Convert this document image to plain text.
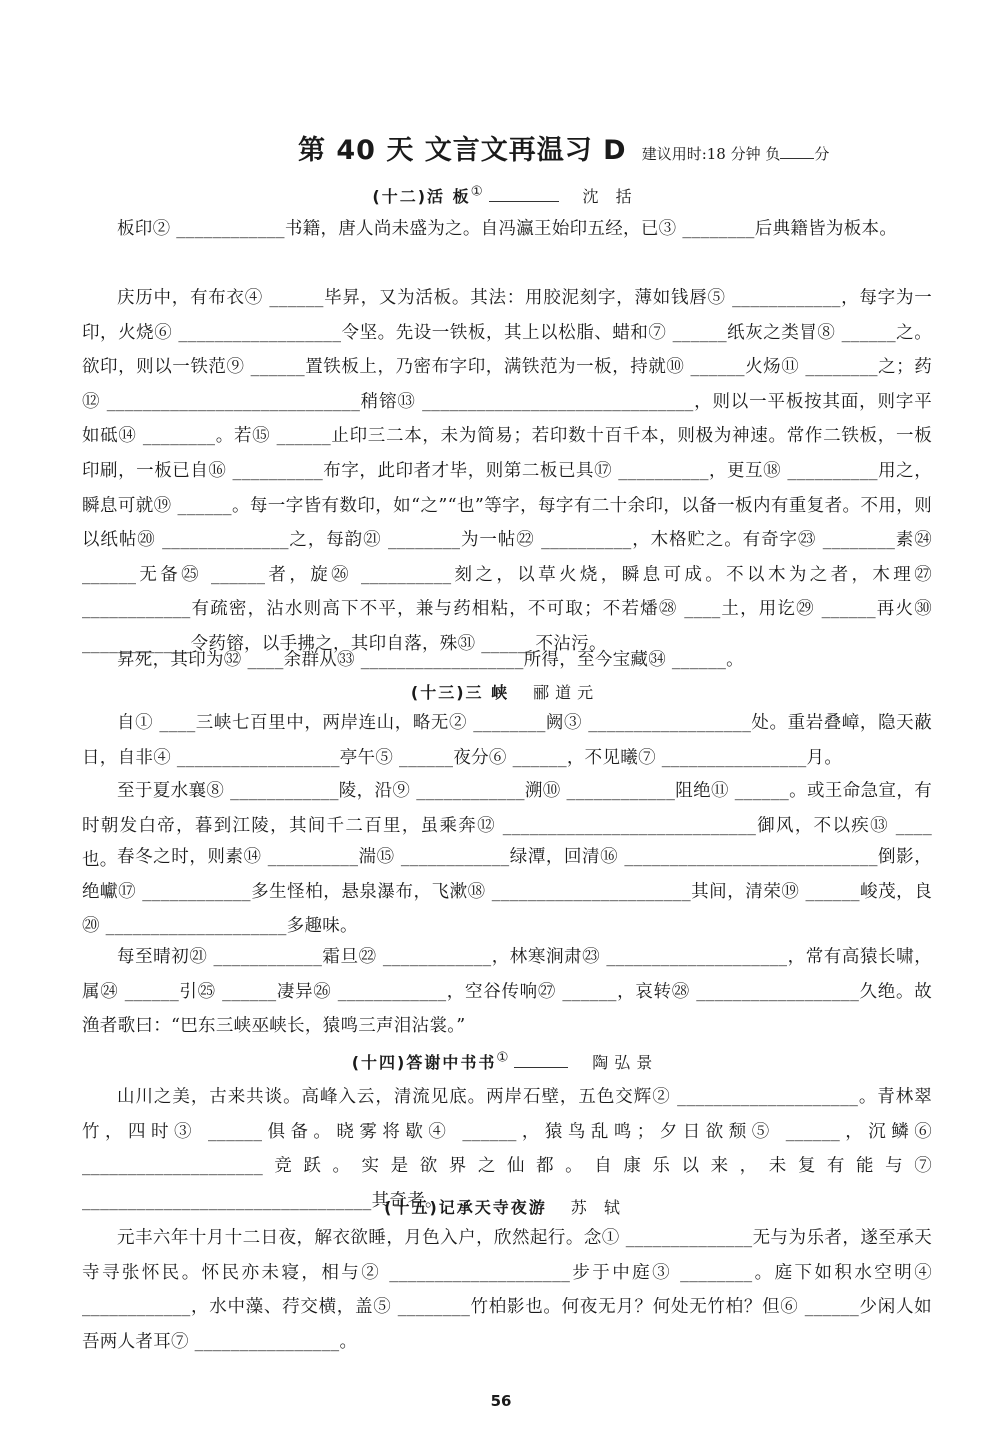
第 40 天 文言文再温习 D 建议用时:18 分钟 负 分
(十二)活 板①	沈 括
板印② ____________书籍，唐人尚未盛为之。自冯瀛王始印五经，已③ ________后典籍皆为板本。
庆历中，有布衣④ ______毕昇，又为活板。其法：用胶泥刻字，薄如钱唇⑤ ____________，每字为一印，火烧⑥ __________________令坚。先设一铁板，其上以松脂、蜡和⑦ ______纸灰之类冒⑧ ______之。欲印，则以一铁范⑨ ______置铁板上，乃密布字印，满铁范为一板，持就⑩ ______火炀⑪ ________之；药⑫ ____________________________稍镕⑬ ______________________________，则以一平板按其面，则字平如砥⑭ ________。若⑮ ______止印三二本，未为简易；若印数十百千本，则极为神速。常作二铁板，一板印刷，一板已自⑯ __________布字，此印者才毕，则第二板已具⑰ __________，更互⑱ __________用之，瞬息可就⑲ ______。每一字皆有数印，如“之”“也”等字，每字有二十余印，以备一板内有重复者。不用，则以纸帖⑳ ______________之，每韵㉑ ________为一帖㉒ __________，木格贮之。有奇字㉓ ________素㉔ ______无备㉕ ______者，旋㉖ __________刻之，以草火烧，瞬息可成。不以木为之者，木理㉗ ____________有疏密，沾水则高下不平，兼与药相粘，不可取；不若燔㉘ ____土，用讫㉙ ______再火㉚ ____________令药镕，以手拂之，其印自落，殊㉛ ______不沾污。
昇死，其印为㉜ ____余群从㉝ __________________所得，至今宝藏㉞ ______。
(十三)三 峡 郦道元
自① ____三峡七百里中，两岸连山，略无② ________阙③ __________________处。重岩叠嶂，隐天蔽日，自非④ __________________亭午⑤ ______夜分⑥ ______，不见曦⑦ ________________月。
至于夏水襄⑧ ____________陵，沿⑨ ____________溯⑩ ____________阻绝⑪ ______。或王命急宣，有时朝发白帝，暮到江陵，其间千二百里，虽乘奔⑫ ____________________________御风，不以疾⑬ ____也。 春冬之时，则素⑭ __________湍⑮ ____________绿潭，回清⑯ ____________________________倒影，绝巘⑰ ____________多生怪柏，悬泉瀑布，飞漱⑱ ______________________其间，清荣⑲ ______峻茂，良⑳ ____________________多趣味。
每至晴初㉑ ____________霜旦㉒ ____________，林寒涧肃㉓ ____________________，常有高猿长啸，属㉔ ______引㉕ ______凄异㉖ ____________，空谷传响㉗ ______，哀转㉘ __________________久绝。故渔者歌曰：“巴东三峡巫峡长，猿鸣三声泪沾裳。”
(十四)答谢中书书①	陶弘景
山川之美，古来共谈。高峰入云，清流见底。两岸石壁，五色交辉② ____________________。青林翠竹，四时③ ______俱备。晓雾将歇④ ______，猿鸟乱鸣；夕日欲颓⑤ ______，沉鳞⑥ ____________________竞跃。实是欲界之仙都。自康乐以来，未复有能与⑦ ________________________________其奇者。
(十五)记承天寺夜游 苏 轼
元丰六年十月十二日夜，解衣欲睡，月色入户，欣然起行。念① ______________无与为乐者，遂至承天寺寻张怀民。怀民亦未寝，相与② ____________________步于中庭③ ________。庭下如积水空明④ ____________，水中藻、荇交横，盖⑤ ________竹柏影也。何夜无月？何处无竹柏？但⑥ ______少闲人如吾两人者耳⑦ ________________。
56
